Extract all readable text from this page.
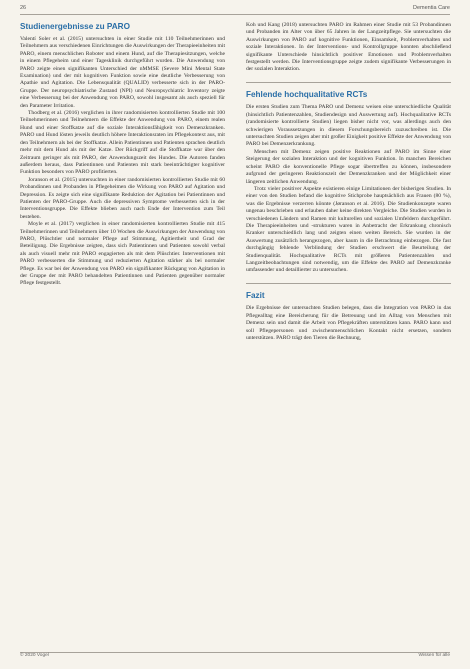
26	Dementia Care
Studienergebnisse zu PARO

Valentí Soler et al. (2015) untersuchten in einer Studie mit 110 Teilnehmerinnen und Teilnehmern aus verschiedenen Einrichtungen die Auswirkungen der Therapieeinheiten mit PARO, einem menschlichen Roboter und einem Hund, auf die Therapiesitzungen, welche in einem Pflegeheim und einer Tagesklinik durchgeführt wurden. Die Anwendung von PARO zeigte einen signifikanten Unterschied der nMMSE (Severe Mini Mental State Examination) und der mit kognitiven Funktion sowie eine deutliche Verbesserung von Apathie und Agitation. Die Lebensqualität (QUALID) verbesserte sich in der PARO-Gruppe. Der neuropsychiatrische Zustand (NPI) und Neuropsychiatric Inventory zeigte eine Verbesserung bei der Anwendung von PARO, sowohl insgesamt als auch speziell für den Parameter Irritation.

Thodberg et al. (2016) verglichen in ihrer randomisierten kontrollierten Studie mit 100 Teilnehmerinnen und Teilnehmern die Effekte der Anwendung von PARO, einem realen Hund und einer Stoffkatze auf die soziale Interaktionsfähigkeit von Demenzkranken. PARO und Hund lösten jeweils deutlich höhere Interaktionsraten im Pflegekontext aus, mit den Teilnehmern als bei der Stoffkatze. Allein Patientinnen und Patienten sprachen deutlich mehr mit dem Hund als mit der Katze. Der Rückgriff auf die Stoffkatze war über den Zeitraum geringer als mit PARO, der Anwendungszeit des Hundes. Die Autoren fanden außerdem heraus, dass Patientinnen und Patienten mit stark beeinträchtigter kognitiver Funktion besonders von PARO profitierten.

Joranson et al. (2015) untersuchten in einer randomisierten kontrollierten Studie mit 60 Probandinnen und Probanden in Pflegeheimen die Wirkung von PARO auf Agitation und Depression. Es zeigte sich eine signifikante Reduktion der Agitation bei Patientinnen und Patienten der PARO-Gruppe. Auch die depressiven Symptome verbesserten sich in der Interventionsgruppe. Die Effekte blieben auch nach Ende der Intervention zum Teil bestehen.

Moyle et al. (2017) verglichen in einer randomisierten kontrollierten Studie mit 415 Teilnehmerinnen und Teilnehmern über 10 Wochen die Auswirkungen der Anwendung von PARO, Plüschtier und normaler Pflege auf Stimmung, Agitiertheit und Grad der Beteiligung. Die Ergebnisse zeigten, dass sich Patientinnen und Patienten sowohl verbal als auch visuell mehr mit PARO engagierten als mit dem Plüschtier. Interventionen mit PARO verbesserten die Stimmung und reduzierten Agitation stärker als bei normaler Pflege. Es war bei der Anwendung von PARO ein signifikanter Rückgang von Agitation in der Gruppe der mit PARO behandelten Patientinnen und Patienten gegenüber normaler Pflege festgestellt.

Koh und Kang (2018) untersuchten PARO im Rahmen einer Studie mit 53 Probandinnen und Probanden im Alter von über 65 Jahren in der Langzeitpflege. Sie untersuchten die Auswirkungen von PARO auf kognitive Funktionen, Einsamkeit, Problemverhalten und soziale Interaktionen. In der Interventions- und Kontrollgruppe konnten abschließend signifikante Unterschiede hinsichtlich positiver Emotionen und Problemverhalten festgestellt werden. Die Interventionsgruppe zeigte zudem signifikante Verbesserungen in der sozialen Interaktion.

Fehlende hochqualitative RCTs

Die ersten Studien zum Thema PARO und Demenz weisen eine unterschiedliche Qualität (hinsichtlich Patientenzahlen, Studiendesign und Auswertung auf). Hochqualitative RCTs (randomisierte kontrollierte Studien) liegen bisher nicht vor, was allerdings auch den schwierigen Voraussetzungen in diesem Forschungsbereich zuzuschreiben ist. Die untersuchten Studien zeigen aber mit großer Einigkeit positive Effekte der Anwendung von PARO bei Demenzerkrankung.

Menschen mit Demenz zeigen positive Reaktionen auf PARO im Sinne einer Steigerung der sozialen Interaktion und der kognitiven Funktion. In manchen Bereichen scheint PARO die konventionelle Pflege sogar übertreffen zu können, insbesondere aufgrund der geringeren Reaktionszeit der Demenzkranken und der Möglichkeit einer längeren zeitlichen Anwendung.

Trotz vieler positiver Aspekte existieren einige Limitationen der bisherigen Studien. In einer von den Studien befand die kognitive Stichprobe hauptsächlich aus Frauen (80 %), was die Ergebnisse verzerren könnte (Jøranson et al. 2016). Die Studienkonzepte waren ungenau beschrieben und erlauben daher keine direkten Vergleiche. Die Studien wurden in verschiedenen Ländern und Ramen mit kulturellen und sozialen Umfeldern durchgeführt. Die Therapieeinheiten und -strukturen waren in Anbetracht der Erkrankung chronisch Kranker unterschiedlich lang und zeigten einen weiten Bereich. Sie wurden in der Auswertung zusätzlich herangezogen, aber kaum in die Betrachtung einbezogen. Die fast durchgängig fehlende Verblindung der Studien erschwert die Beurteilung der Studienqualität. Hochqualitative RCTs mit größeren Patientenzahlen und Langzeitbeobachtungen sind notwendig, um die Effekte des PARO auf Demenzkranke umfassender und detaillierter zu untersuchen.

Fazit

Die Ergebnisse der untersuchten Studien belegen, dass die Integration von PARO in das Pflegealltag eine Bereicherung für die Betreuung und im Alltag von Menschen mit Demenz sein und damit die Arbeit von Pflegekräften unterstützen kann. PARO kann und soll Pflegepersonen und zwischenmenschlichen Kontakt nicht ersetzen, sondern unterstützen. PARO trägt den Tieren die Rechnung,

© 2020 Vogel	Wissen für alle
